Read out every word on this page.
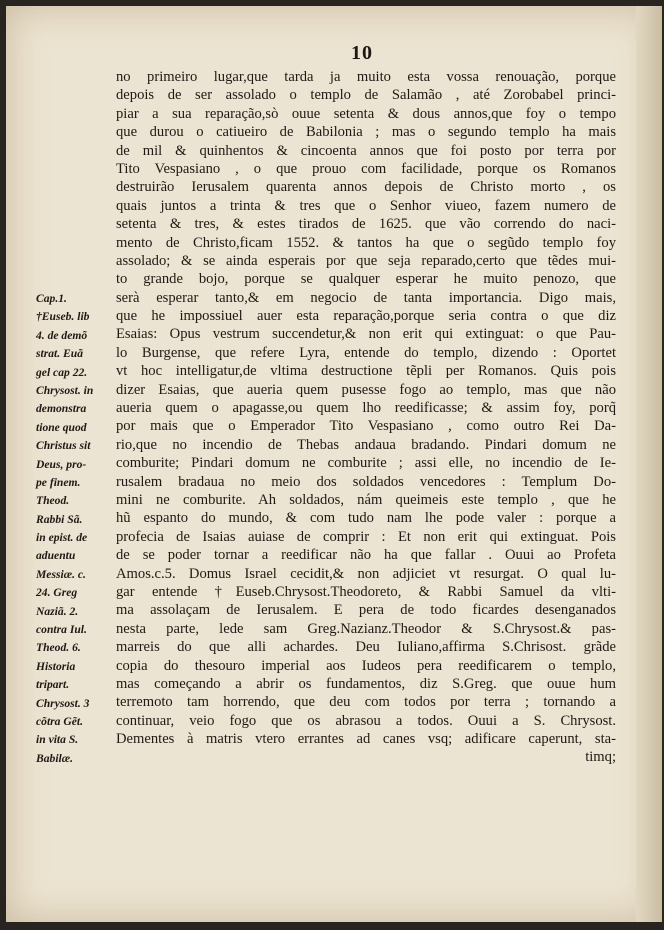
10
no primeiro lugar,que tarda ja muito esta vossa renouação, porque
depois de ser assolado o templo de Salamão , até Zorobabel princi-
piar a sua reparação,sò ouue setenta & dous annos,que foy o tempo
que durou o catiueiro de Babilonia ; mas o segundo templo ha mais
de mil & quinhentos & cincoenta annos que foi posto por terra por
Tito Vespasiano , o que prouo com facilidade, porque os Romanos
destruirão Ierusalem quarenta annos depois de Christo morto , os
quais juntos a trinta & tres que o Senhor viueo, fazem numero de
setenta & tres, & estes tirados de 1625. que vão correndo do naci-
mento de Christo,ficam 1552. & tantos ha que o segũdo templo foy
assolado; & se ainda esperais por que seja reparado,certo que tẽdes mui-
to grande bojo, porque se qualquer esperar he muito penozo, que
serà esperar tanto,& em negocio de tanta importancia. Digo mais,
que he impossiuel auer esta reparação,porque seria contra o que diz
Esaias: Opus vestrum succendetur,& non erit qui extinguat: o que Pau-
lo Burgense, que refere Lyra, entende do templo, dizendo : Oportet
vt hoc intelligatur,de vltima destructione tẽpli per Romanos. Quis pois
dizer Esaias, que aueria quem pusesse fogo ao templo, mas que não
aueria quem o apagasse,ou quem lho reedificasse; & assim foy, porq̃
por mais que o Emperador Tito Vespasiano , como outro Rei Da-
rio,que no incendio de Thebas andaua bradando. Pindari domum ne
comburite; Pindari domum ne comburite ; assi elle, no incendio de Ie-
rusalem bradaua no meio dos soldados vencedores : Templum Do-
mini ne comburite. Ah soldados, nám queimeis este templo , que he
hũ espanto do mundo, & com tudo nam lhe pode valer : porque a
profecia de Isaias auiase de comprir : Et non erit qui extinguat. Pois
de se poder tornar a reedificar não ha que fallar . Ouui ao Profeta
Amos.c.5. Domus Israel cecidit,& non adjiciet vt resurgat. O qual lu-
gar entende †Euseb.Chrysost.Theodoreto, & Rabbi Samuel da vlti-
ma assolaçam de Ierusalem. E pera de todo ficardes desenganados
nesta parte, lede sam Greg.Nazianz.Theodor & S.Chrysost.& pas-
marreis do que alli achardes. Deu Iuliano,affirma S.Chrisost. grãde
copia do thesouro imperial aos Iudeos pera reedificarem o templo,
mas começando a abrir os fundamentos, diz S.Greg. que ouue hum
terremoto tam horrendo, que deu com todos por terra ; tornando a
continuar, veio fogo que os abrasou a todos. Ouui a S. Chrysost.
Dementes à matris vtero errantes ad canes vsq; adificare caperunt, sta-
timq;
Cap.1.
†Euseb. lib
4. de demõ
strat. Euã
gel cap 22.
Chrysost. in
demonstra
tione quod
Christus sit
Deus, pro-
pe finem.
Theod.
Rabbi Sã.
in epist. de
aduentu
Messiæ. c.
24. Greg
Naziã. 2.
contra Iul.
Theod. 6.
Historia
tripart.
Chrysost. 3
cõtra Gẽt.
in vita S.
Babilæ.
